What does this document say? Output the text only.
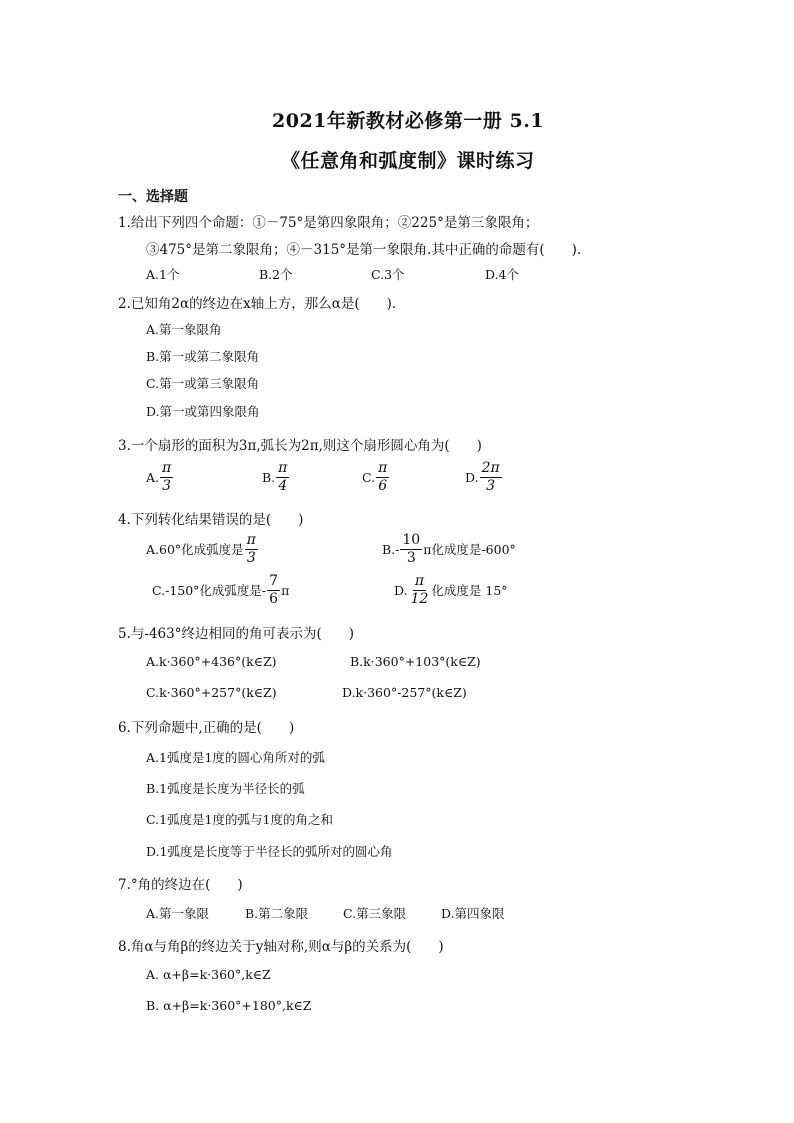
2021年新教材必修第一册 5.1
《任意角和弧度制》课时练习
一、选择题
1.给出下列四个命题：①－75°是第四象限角；②225°是第三象限角；
③475°是第二象限角；④－315°是第一象限角.其中正确的命题有(　　).
A.1个	B.2个	C.3个	D.4个
2.已知角2α的终边在x轴上方，那么α是(　　).
A.第一象限角
B.第一或第二象限角
C.第一或第三象限角
D.第一或第四象限角
3.一个扇形的面积为3π,弧长为2π,则这个扇形圆心角为(　　)
A. $\frac{\pi}{3}$	B. $\frac{\pi}{4}$	C. $\frac{\pi}{6}$	D. $\frac{2\pi}{3}$
4.下列转化结果错误的是(　　)
A.60°化成弧度是 $\frac{\pi}{3}$	$B.- \frac{10}{3}$ π化成度是-600°
C.-150°化成弧度是- $\frac{7}{6}$ π	D. $\frac{\pi}{12}$ 化成度是 15°
5.与-463°终边相同的角可表示为(　　)
A.k·360°+436°(k∈Z)	B.k·360°+103°(k∈Z)
C.k·360°+257°(k∈Z)	D.k·360°-257°(k∈Z)
6.下列命题中,正确的是(　　)
A.1弧度是1度的圆心角所对的弧
B.1弧度是长度为半径长的弧
C.1弧度是1度的弧与1度的角之和
D.1弧度是长度等于半径长的弧所对的圆心角
7.°角的终边在(　　)
A.第一象限	B.第二象限	C.第三象限	D.第四象限
8.角α与角β的终边关于y轴对称,则α与β的关系为(　　)
A. α+β=k·360°,k∈Z
B. α+β=k·360°+180°,k∈Z
